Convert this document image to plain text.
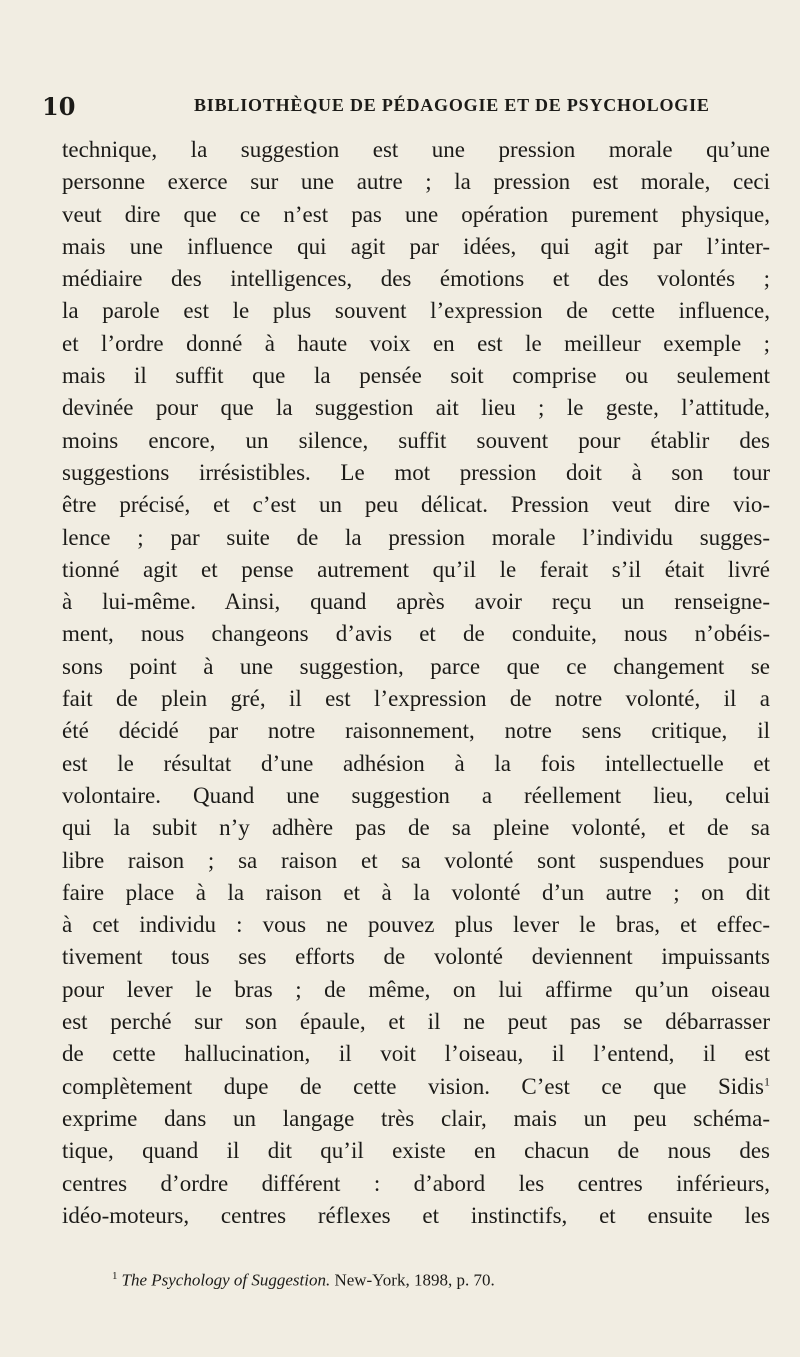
10	BIBLIOTHÈQUE DE PÉDAGOGIE ET DE PSYCHOLOGIE
technique, la suggestion est une pression morale qu’une
personne exerce sur une autre ; la pression est morale, ceci
veut dire que ce n’est pas une opération purement physique,
mais une influence qui agit par idées, qui agit par l’inter-
médiaire des intelligences, des émotions et des volontés ;
la parole est le plus souvent l’expression de cette influence,
et l’ordre donné à haute voix en est le meilleur exemple ;
mais il suffit que la pensée soit comprise ou seulement
devinée pour que la suggestion ait lieu ; le geste, l’attitude,
moins encore, un silence, suffit souvent pour établir des
suggestions irrésistibles. Le mot pression doit à son tour
être précisé, et c’est un peu délicat. Pression veut dire vio-
lence ; par suite de la pression morale l’individu sugges-
tionné agit et pense autrement qu’il le ferait s’il était livré
à lui-même. Ainsi, quand après avoir reçu un renseigne-
ment, nous changeons d’avis et de conduite, nous n’obéis-
sons point à une suggestion, parce que ce changement se
fait de plein gré, il est l’expression de notre volonté, il a
été décidé par notre raisonnement, notre sens critique, il
est le résultat d’une adhésion à la fois intellectuelle et
volontaire. Quand une suggestion a réellement lieu, celui
qui la subit n’y adhère pas de sa pleine volonté, et de sa
libre raison ; sa raison et sa volonté sont suspendues pour
faire place à la raison et à la volonté d’un autre ; on dit
à cet individu : vous ne pouvez plus lever le bras, et effec-
tivement tous ses efforts de volonté deviennent impuissants
pour lever le bras ; de même, on lui affirme qu’un oiseau
est perché sur son épaule, et il ne peut pas se débarrasser
de cette hallucination, il voit l’oiseau, il l’entend, il est
complètement dupe de cette vision. C’est ce que Sidis$^1$
exprime dans un langage très clair, mais un peu schéma-
tique, quand il dit qu’il existe en chacun de nous des
centres d’ordre différent : d’abord les centres inférieurs,
idéo-moteurs, centres réflexes et instinctifs, et ensuite les
$^1$ The Psychology of Suggestion. New-York, 1898, p. 70.
